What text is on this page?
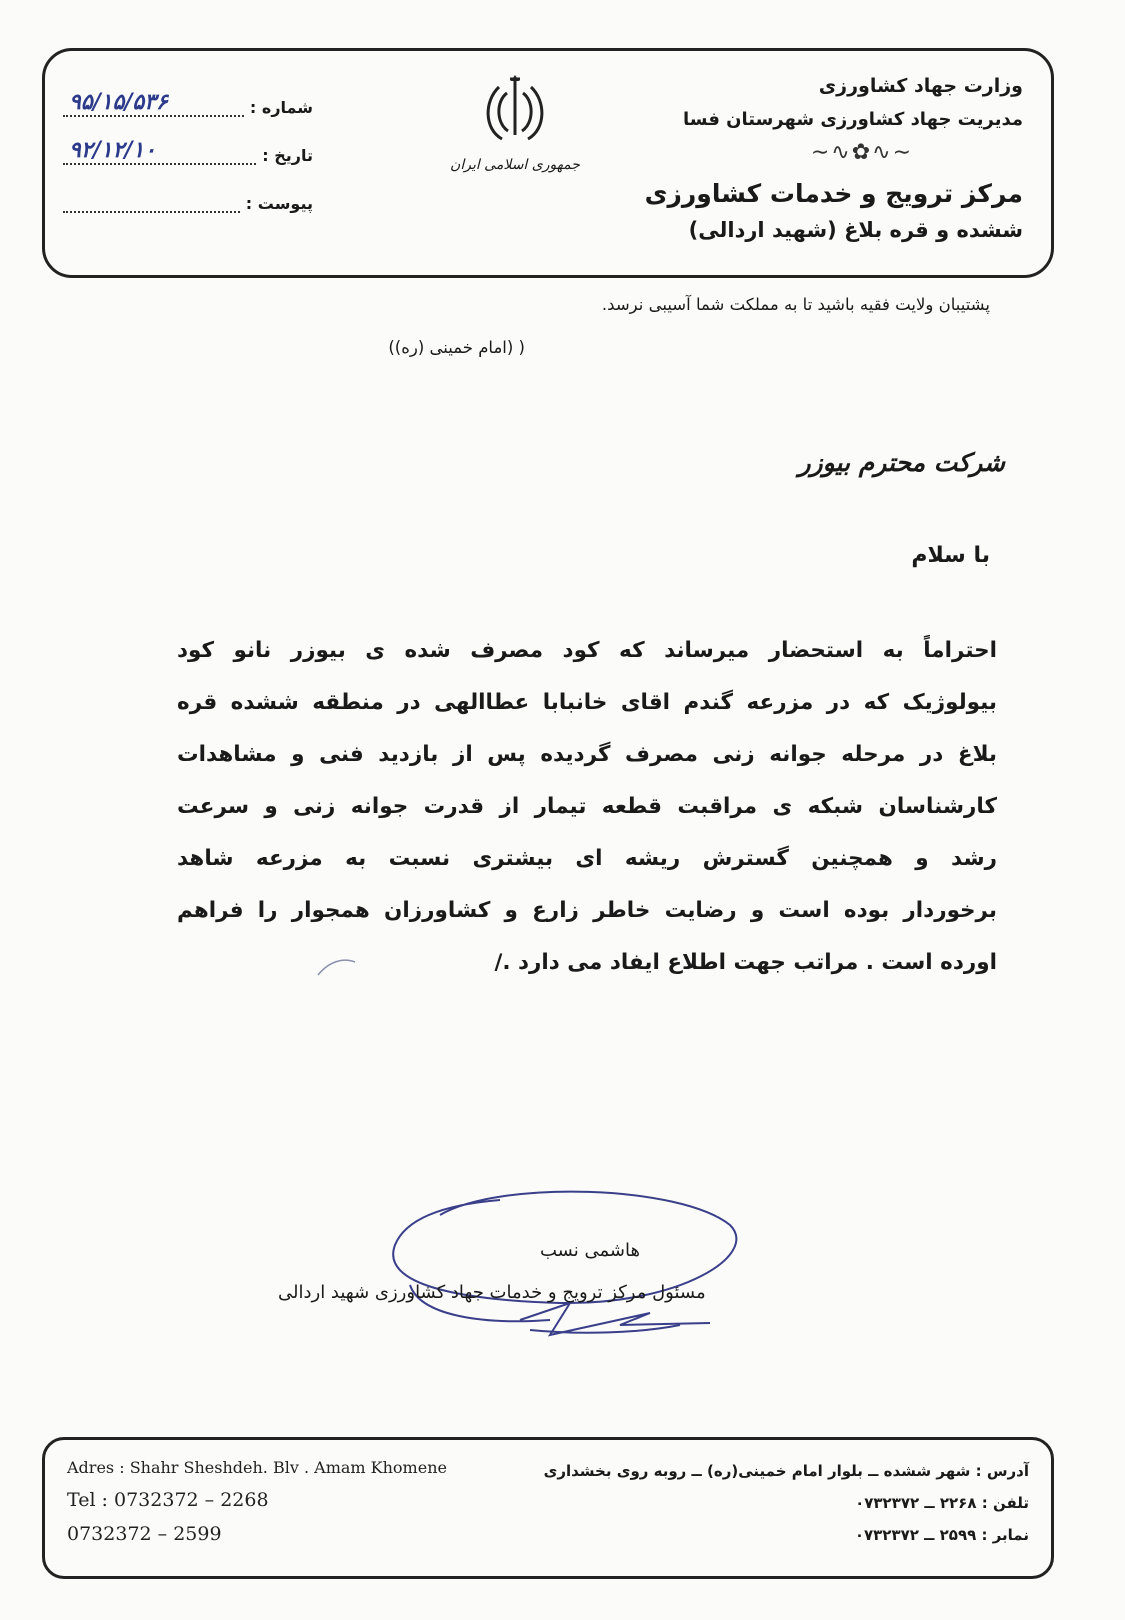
وزارت جهاد کشاورزی
مدیریت جهاد کشاورزی شهرستان فسا
∽∿✿∿∽
مرکز ترویج و خدمات کشاورزی
ششده و قره بلاغ (شهید اردالی)
جمهوری اسلامی ایران
شماره :
۹۵/۱۵/۵۳۶
تاریخ :
۹۲/۱۲/۱۰
پیوست :
پشتیبان ولایت فقیه باشید تا به مملکت شما آسیبی نرسد.
( (امام خمینی (ره))
شرکت محترم بیوزر
با سلام
احتراماً به استحضار میرساند که کود مصرف شده ی بیوزر نانو کود
بیولوژیک که در مزرعه گندم اقای خانبابا عطاالهی در منطقه ششده قره
بلاغ در مرحله جوانه زنی مصرف گردیده پس از بازدید فنی و مشاهدات
کارشناسان شبکه ی مراقبت قطعه تیمار از قدرت جوانه زنی و سرعت
رشد و همچنین گسترش ریشه ای بیشتری نسبت به مزرعه شاهد
برخوردار بوده است و رضایت خاطر زارع و کشاورزان همجوار را فراهم
اورده است . مراتب جهت اطلاع ایفاد می دارد ./
هاشمی نسب
مسئول مرکز ترویج و خدمات جهاد کشاورزی شهید اردالی
Adres : Shahr Sheshdeh. Blv . Amam Khomene
Tel : 0732372 – 2268
0732372 – 2599
آدرس : شهر ششده ــ بلوار امام خمینی(ره) ــ روبه روی بخشداری
تلفن : ۲۲۶۸ ــ ۰۷۳۲۳۷۲
نمابر : ۲۵۹۹ ــ ۰۷۳۲۳۷۲
